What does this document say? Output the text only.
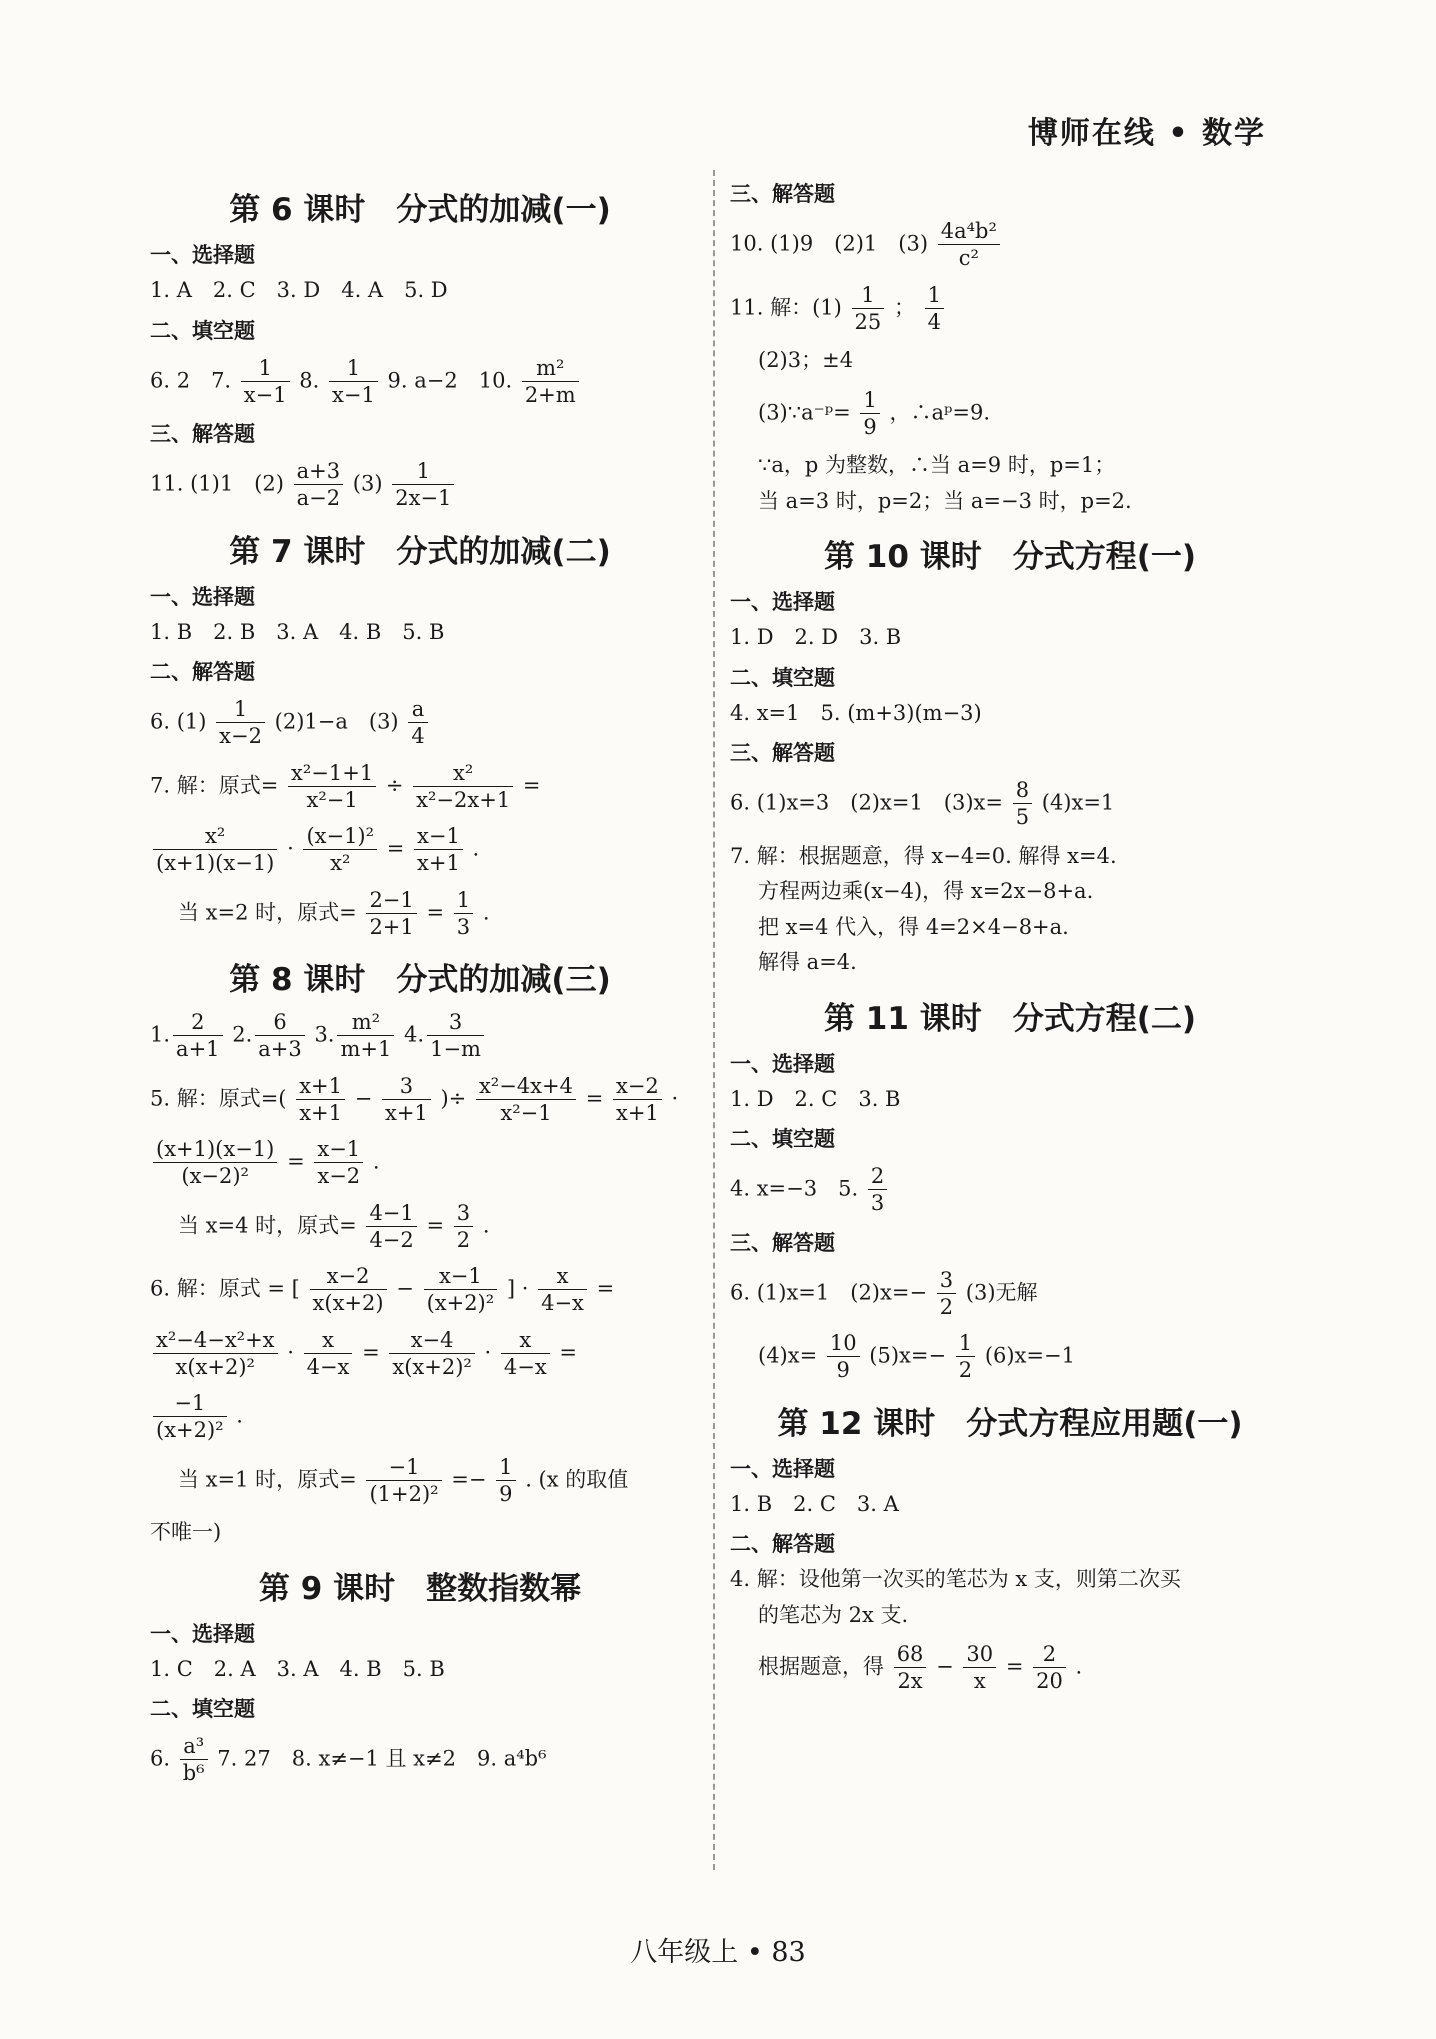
博师在线 • 数学
第 6 课时　分式的加减(一)
一、选择题
1. A　2. C　3. D　4. A　5. D
二、填空题
6. 2　7. $\frac{1}{x-1} 8$. $\frac{1}{x-1} 9$. a−2　10. $\frac{\text{m²}}{2+m}$
三、解答题
11. (1)1　$(2) \frac{a+3}{a-2} (3) \frac{1}{2x-1}$
第 7 课时　分式的加减(二)
一、选择题
1. B　2. B　3. A　4. B　5. B
二、解答题
6. $(1) \frac{1}{x-2} (2)1-a$　$(3) \frac{a}{4}$
7. 解：原式= $\frac{\text{x²−1+1}}{\text{x²−1}} \div \frac{\text{x²}}{\text{x²−2x+1}}$ =
$\frac{\text{x²}}{(x+1)(x-1)} \cdot \frac{\text{(x−1)²}}{\text{x²}} = \frac{x-1}{x+1}$ .
当 x=2 时，原式= $\frac{2-1}{2+1} = \frac{1}{3}$ .
第 8 课时　分式的加减(三)
1. $\frac{2}{a+1} 2$. $\frac{6}{a+3} 3$. $\frac{\text{m²}}{m+1} 4$. $\frac{3}{1-m}$
5. 解：原式=( $\frac{x+1}{x+1} - \frac{3}{x+1}$ )÷ $\frac{\text{x²−4x+4}}{\text{x²−1}} = \frac{x-2}{x+1}$ ·
$\frac{(x+1)(x-1)}{\text{(x−2)²}} = \frac{x-1}{x-2}$ .
当 x=4 时，原式= $\frac{4-1}{4-2} = \frac{3}{2}$ .
6. 解：原式 = [ $\frac{x-2}{x(x+2)} - \frac{x-1}{\text{(x+2)²}}$ ] · $\frac{x}{4-x}$ =
$\frac{\text{x²−4−x²+x}}{\text{x(x+2)²}} \cdot \frac{x}{4-x} = \frac{x-4}{\text{x(x+2)²}} \cdot \frac{x}{4-x}$ =
$\frac{-1}{\text{(x+2)²}}$ .
当 x=1 时，原式= $\frac{-1}{\text{(1+2)²}} =- \frac{1}{9}$ . (x 的取值
不唯一)
第 9 课时　整数指数幂
一、选择题
1. C　2. A　3. A　4. B　5. B
二、填空题
6. $\frac{\text{a³}}{\text{b⁶}} 7$. 27　8. x≠−1 且 x≠2　9. a⁴b⁶
三、解答题
10. (1)9　(2)1　$(3) \frac{\text{4a⁴b²}}{\text{c²}}$
11. 解：$(1) \frac{1}{25}$ ； $\frac{1}{4}$
(2)3；±4
(3)∵a⁻ᵖ= $\frac{1}{9}$ ，∴aᵖ=9.
∵a，p 为整数，∴当 a=9 时，p=1；
当 a=3 时，p=2；当 a=−3 时，p=2.
第 10 课时　分式方程(一)
一、选择题
1. D　2. D　3. B
二、填空题
4. x=1　5. (m+3)(m−3)
三、解答题
6. (1)x=3　(2)x=1　$(3)x= \frac{8}{5} (4)x=1$
7. 解：根据题意，得 x−4=0. 解得 x=4.
方程两边乘(x−4)，得 x=2x−8+a.
把 x=4 代入，得 4=2×4−8+a.
解得 a=4.
第 11 课时　分式方程(二)
一、选择题
1. D　2. C　3. B
二、填空题
4. x=−3　5. $\frac{2}{3}$
三、解答题
6. (1)x=1　$(2)x=- \frac{3}{2} (3)$无解
$(4)x= \frac{10}{9} (5)x=- \frac{1}{2} (6)x=-1$
第 12 课时　分式方程应用题(一)
一、选择题
1. B　2. C　3. A
二、解答题
4. 解：设他第一次买的笔芯为 x 支，则第二次买
的笔芯为 2x 支.
根据题意，得 $\frac{68}{2x} - \frac{30}{x} = \frac{2}{20}$ .
八年级上 • 83
